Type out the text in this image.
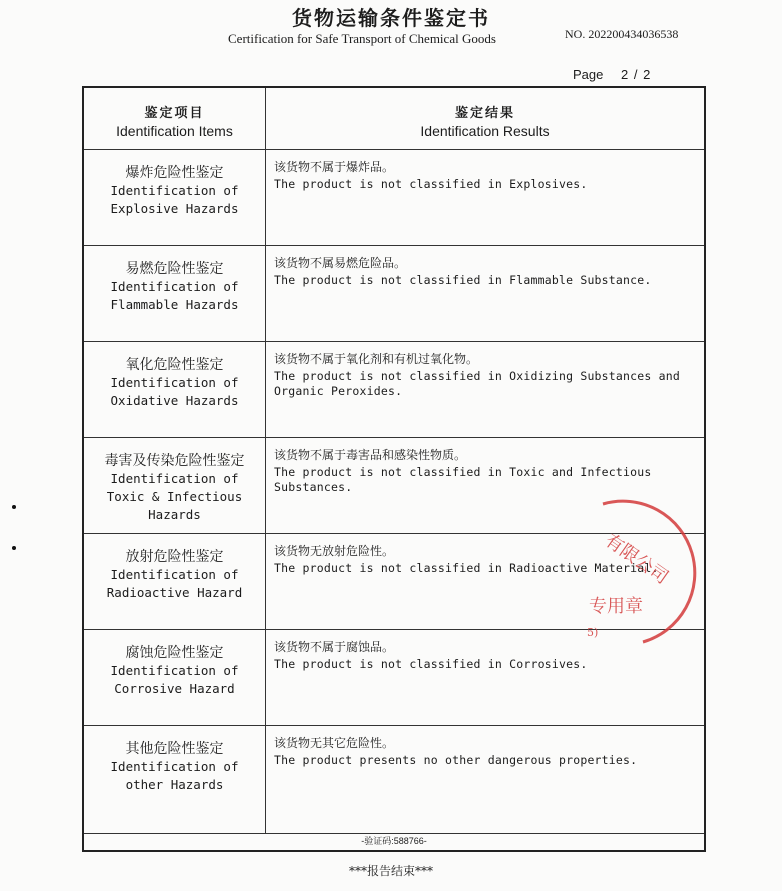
货物运输条件鉴定书
Certification for Safe Transport of Chemical Goods	NO. 202200434036538
Page 2 / 2
鉴定项目
Identification Items
鉴定结果
Identification Results
爆炸危险性鉴定
Identification of Explosive Hazards
该货物不属于爆炸品。
The product is not classified in Explosives.
易燃危险性鉴定
Identification of Flammable Hazards
该货物不属易燃危险品。
The product is not classified in Flammable Substance.
氧化危险性鉴定
Identification of Oxidative Hazards
该货物不属于氧化剂和有机过氧化物。
The product is not classified in Oxidizing Substances and Organic Peroxides.
毒害及传染危险性鉴定
Identification of Toxic & Infectious Hazards
该货物不属于毒害品和感染性物质。
The product is not classified in Toxic and Infectious Substances.
放射危险性鉴定
Identification of Radioactive Hazard
该货物无放射危险性。
The product is not classified in Radioactive Material.
腐蚀危险性鉴定
Identification of Corrosive Hazard
该货物不属于腐蚀品。
The product is not classified in Corrosives.
其他危险性鉴定
Identification of other Hazards
该货物无其它危险性。
The product presents no other dangerous properties.
-验证码:588766-
有限公司
专用章
5)
***报告结束***
